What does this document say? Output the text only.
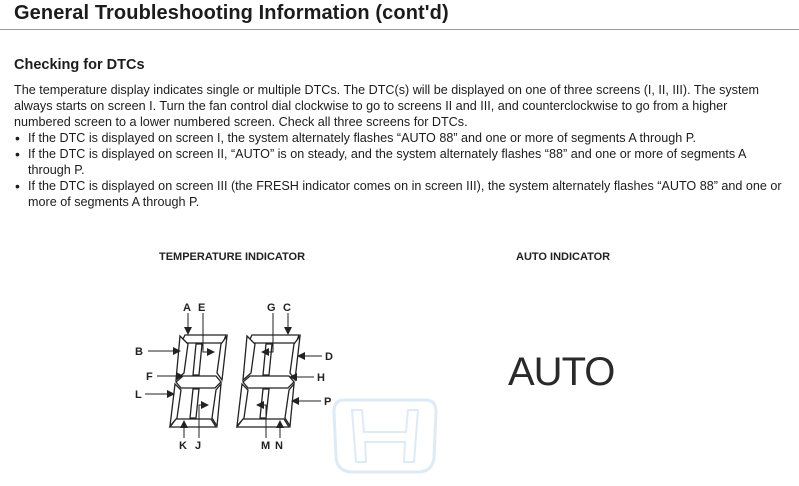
General Troubleshooting Information (cont'd)
Checking for DTCs

The temperature display indicates single or multiple DTCs. The DTC(s) will be displayed on one of three screens (I, II, III). The system always starts on screen I. Turn the fan control dial clockwise to go to screens II and III, and counterclockwise to go from a higher numbered screen to a lower numbered screen. Check all three screens for DTCs.

• If the DTC is displayed on screen I, the system alternately flashes “AUTO 88” and one or more of segments A through P.
• If the DTC is displayed on screen II, “AUTO” is on steady, and the system alternately flashes “88” and one or more of segments A through P.
• If the DTC is displayed on screen III (the FRESH indicator comes on in screen III), the system alternately flashes “AUTO 88” and one or more of segments A through P.
TEMPERATURE INDICATOR	AUTO INDICATOR
AUTO
A E	G C
B	D
F	H
L
P
K J	M N
